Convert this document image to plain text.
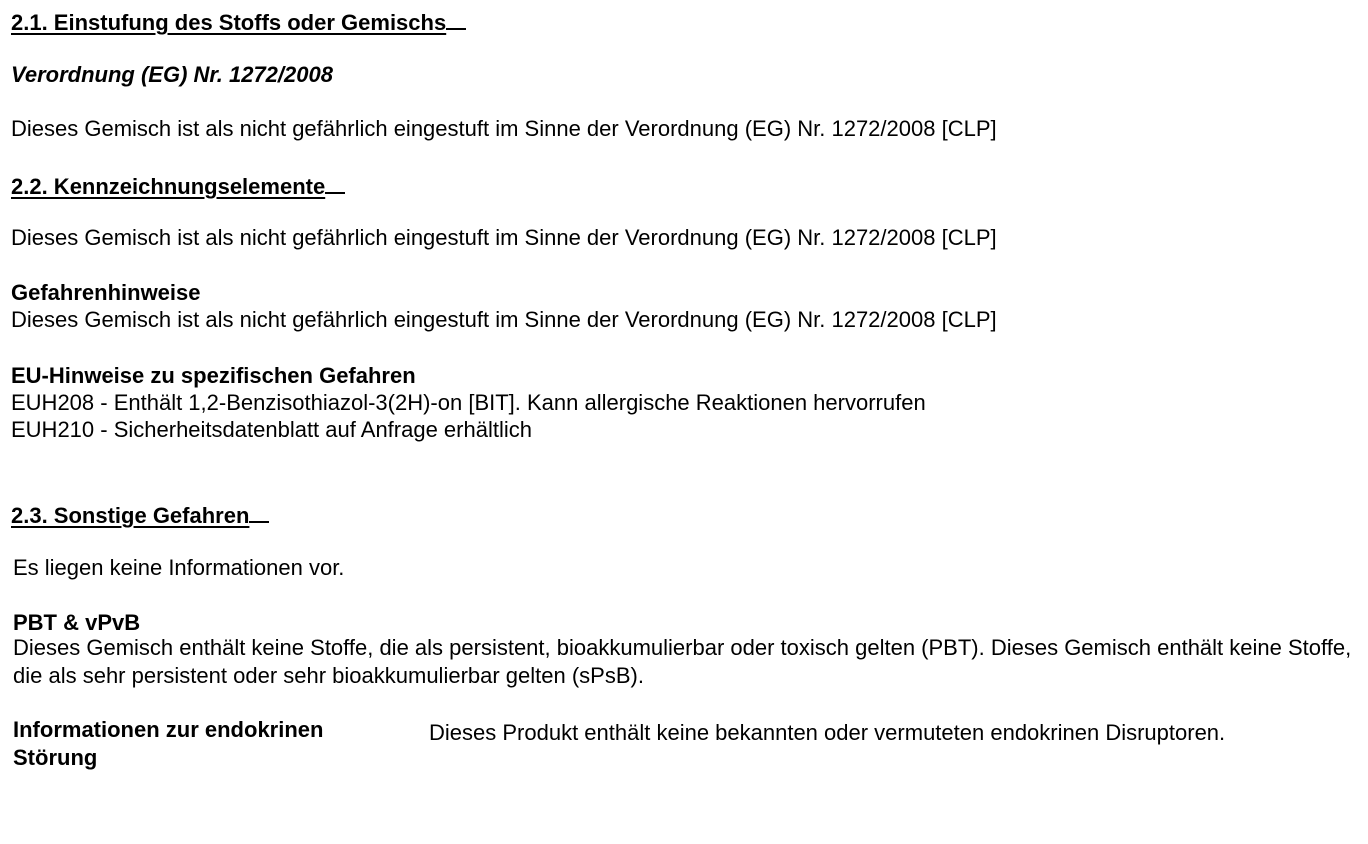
2.1. Einstufung des Stoffs oder Gemischs
Verordnung (EG) Nr. 1272/2008
Dieses Gemisch ist als nicht gefährlich eingestuft im Sinne der Verordnung (EG) Nr. 1272/2008 [CLP]
2.2. Kennzeichnungselemente
Dieses Gemisch ist als nicht gefährlich eingestuft im Sinne der Verordnung (EG) Nr. 1272/2008 [CLP]
Gefahrenhinweise
Dieses Gemisch ist als nicht gefährlich eingestuft im Sinne der Verordnung (EG) Nr. 1272/2008 [CLP]
EU-Hinweise zu spezifischen Gefahren
EUH208 - Enthält 1,2-Benzisothiazol-3(2H)-on [BIT]. Kann allergische Reaktionen hervorrufen
EUH210 - Sicherheitsdatenblatt auf Anfrage erhältlich
2.3. Sonstige Gefahren
Es liegen keine Informationen vor.
PBT & vPvB

Dieses Gemisch enthält keine Stoffe, die als persistent, bioakkumulierbar oder toxisch gelten (PBT). Dieses Gemisch enthält keine Stoffe, die als sehr persistent oder sehr bioakkumulierbar gelten (sPsB).

Informationen zur endokrinen Störung

Dieses Produkt enthält keine bekannten oder vermuteten endokrinen Disruptoren.
